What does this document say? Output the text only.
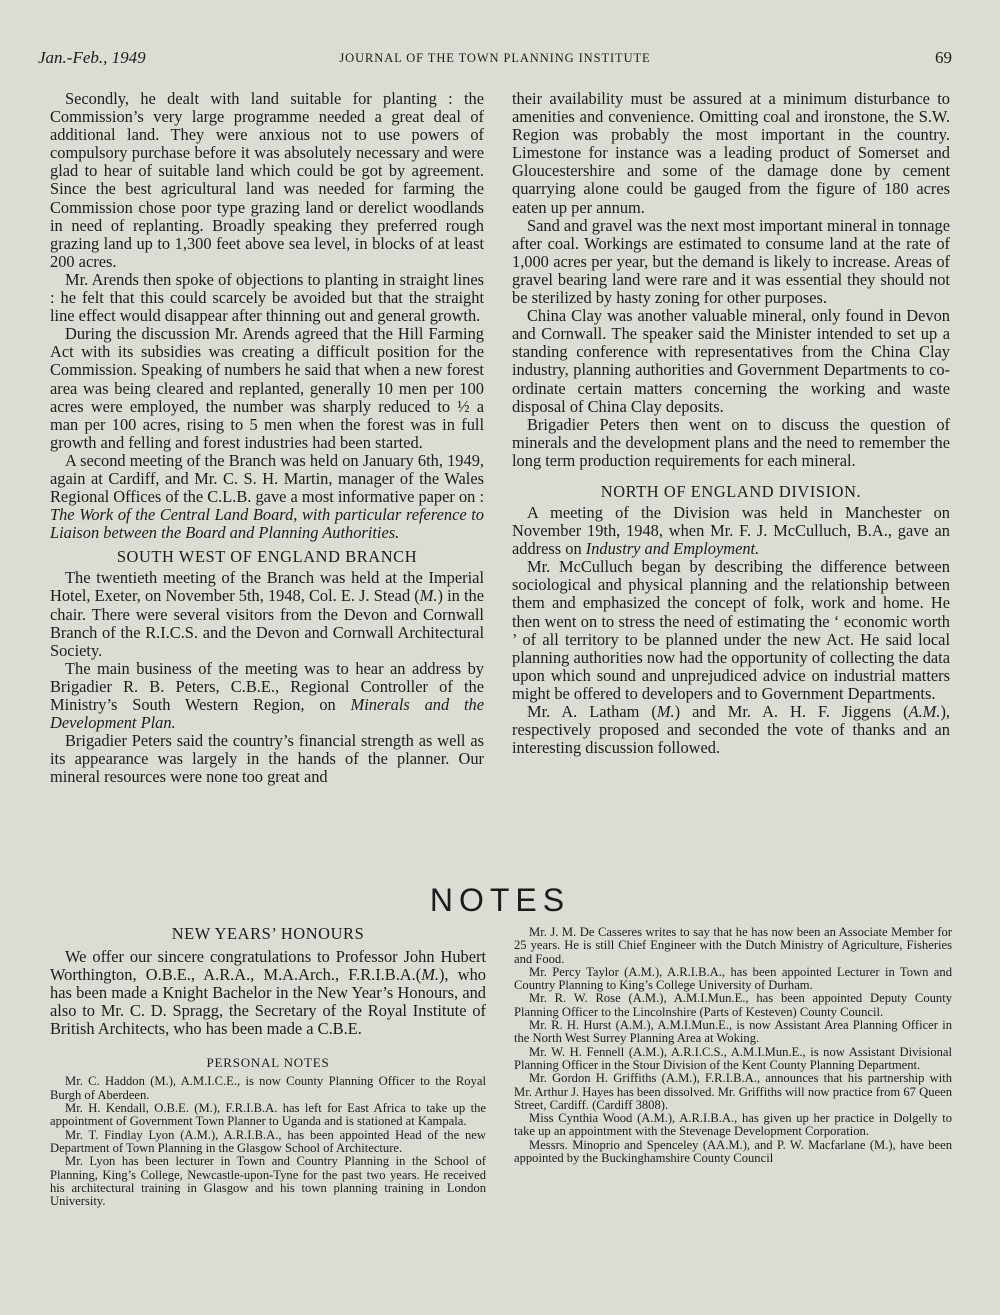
Jan.-Feb., 1949	JOURNAL OF THE TOWN PLANNING INSTITUTE	69

Secondly, he dealt with land suitable for planting : the Commission’s very large programme needed a great deal of additional land. They were anxious not to use powers of compulsory purchase before it was absolutely necessary and were glad to hear of suitable land which could be got by agreement. Since the best agricultural land was needed for farming the Commission chose poor type grazing land or derelict woodlands in need of replanting. Broadly speaking they preferred rough grazing land up to 1,300 feet above sea level, in blocks of at least 200 acres.

Mr. Arends then spoke of objections to planting in straight lines : he felt that this could scarcely be avoided but that the straight line effect would disappear after thinning out and general growth.

During the discussion Mr. Arends agreed that the Hill Farming Act with its subsidies was creating a difficult position for the Commission. Speaking of numbers he said that when a new forest area was being cleared and replanted, generally 10 men per 100 acres were employed, the number was sharply reduced to ½ a man per 100 acres, rising to 5 men when the forest was in full growth and felling and forest industries had been started.

A second meeting of the Branch was held on January 6th, 1949, again at Cardiff, and Mr. C. S. H. Martin, manager of the Wales Regional Offices of the C.L.B. gave a most informative paper on : The Work of the Central Land Board, with particular reference to Liaison between the Board and Planning Authorities.

SOUTH WEST OF ENGLAND BRANCH

The twentieth meeting of the Branch was held at the Imperial Hotel, Exeter, on November 5th, 1948, Col. E. J. Stead (M.) in the chair. There were several visitors from the Devon and Cornwall Branch of the R.I.C.S. and the Devon and Cornwall Architectural Society.

The main business of the meeting was to hear an address by Brigadier R. B. Peters, C.B.E., Regional Controller of the Ministry’s South Western Region, on Minerals and the Development Plan.

Brigadier Peters said the country’s financial strength as well as its appearance was largely in the hands of the planner. Our mineral resources were none too great and

their availability must be assured at a minimum disturbance to amenities and convenience. Omitting coal and ironstone, the S.W. Region was probably the most important in the country. Limestone for instance was a leading product of Somerset and Gloucestershire and some of the damage done by cement quarrying alone could be gauged from the figure of 180 acres eaten up per annum.

Sand and gravel was the next most important mineral in tonnage after coal. Workings are estimated to consume land at the rate of 1,000 acres per year, but the demand is likely to increase. Areas of gravel bearing land were rare and it was essential they should not be sterilized by hasty zoning for other purposes.

China Clay was another valuable mineral, only found in Devon and Cornwall. The speaker said the Minister intended to set up a standing conference with representatives from the China Clay industry, planning authorities and Government Departments to co-ordinate certain matters concerning the working and waste disposal of China Clay deposits.

Brigadier Peters then went on to discuss the question of minerals and the development plans and the need to remember the long term production requirements for each mineral.

NORTH OF ENGLAND DIVISION.

A meeting of the Division was held in Manchester on November 19th, 1948, when Mr. F. J. McCulluch, B.A., gave an address on Industry and Employment.

Mr. McCulluch began by describing the difference between sociological and physical planning and the relationship between them and emphasized the concept of folk, work and home. He then went on to stress the need of estimating the ‘ economic worth ’ of all territory to be planned under the new Act. He said local planning authorities now had the opportunity of collecting the data upon which sound and unprejudiced advice on industrial matters might be offered to developers and to Government Departments.

Mr. A. Latham (M.) and Mr. A. H. F. Jiggens (A.M.), respectively proposed and seconded the vote of thanks and an interesting discussion followed.

NOTES
NEW YEARS’ HONOURS

We offer our sincere congratulations to Professor John Hubert Worthington, O.B.E., A.R.A., M.A.Arch., F.R.I.B.A.(M.), who has been made a Knight Bachelor in the New Year’s Honours, and also to Mr. C. D. Spragg, the Secretary of the Royal Institute of British Architects, who has been made a C.B.E.

PERSONAL NOTES

Mr. C. Haddon (M.), A.M.I.C.E., is now County Planning Officer to the Royal Burgh of Aberdeen.

Mr. H. Kendall, O.B.E. (M.), F.R.I.B.A. has left for East Africa to take up the appointment of Government Town Planner to Uganda and is stationed at Kampala.

Mr. T. Findlay Lyon (A.M.), A.R.I.B.A., has been appointed Head of the new Department of Town Planning in the Glasgow School of Architecture.

Mr. Lyon has been lecturer in Town and Country Planning in the School of Planning, King’s College, Newcastle-upon-Tyne for the past two years. He received his architectural training in Glasgow and his town planning training in London University.

Mr. J. M. De Casseres writes to say that he has now been an Associate Member for 25 years. He is still Chief Engineer with the Dutch Ministry of Agriculture, Fisheries and Food.

Mr. Percy Taylor (A.M.), A.R.I.B.A., has been appointed Lecturer in Town and Country Planning to King’s College University of Durham.

Mr. R. W. Rose (A.M.), A.M.I.Mun.E., has been appointed Deputy County Planning Officer to the Lincolnshire (Parts of Kesteven) County Council.

Mr. R. H. Hurst (A.M.), A.M.I.Mun.E., is now Assistant Area Planning Officer in the North West Surrey Planning Area at Woking.

Mr. W. H. Fennell (A.M.), A.R.I.C.S., A.M.I.Mun.E., is now Assistant Divisional Planning Officer in the Stour Division of the Kent County Planning Department.

Mr. Gordon H. Griffiths (A.M.), F.R.I.B.A., announces that his partnership with Mr. Arthur J. Hayes has been dissolved. Mr. Griffiths will now practice from 67 Queen Street, Cardiff. (Cardiff 3808).

Miss Cynthia Wood (A.M.), A.R.I.B.A., has given up her practice in Dolgelly to take up an appointment with the Stevenage Development Corporation.

Messrs. Minoprio and Spenceley (AA.M.), and P. W. Macfarlane (M.), have been appointed by the Buckinghamshire County Council
